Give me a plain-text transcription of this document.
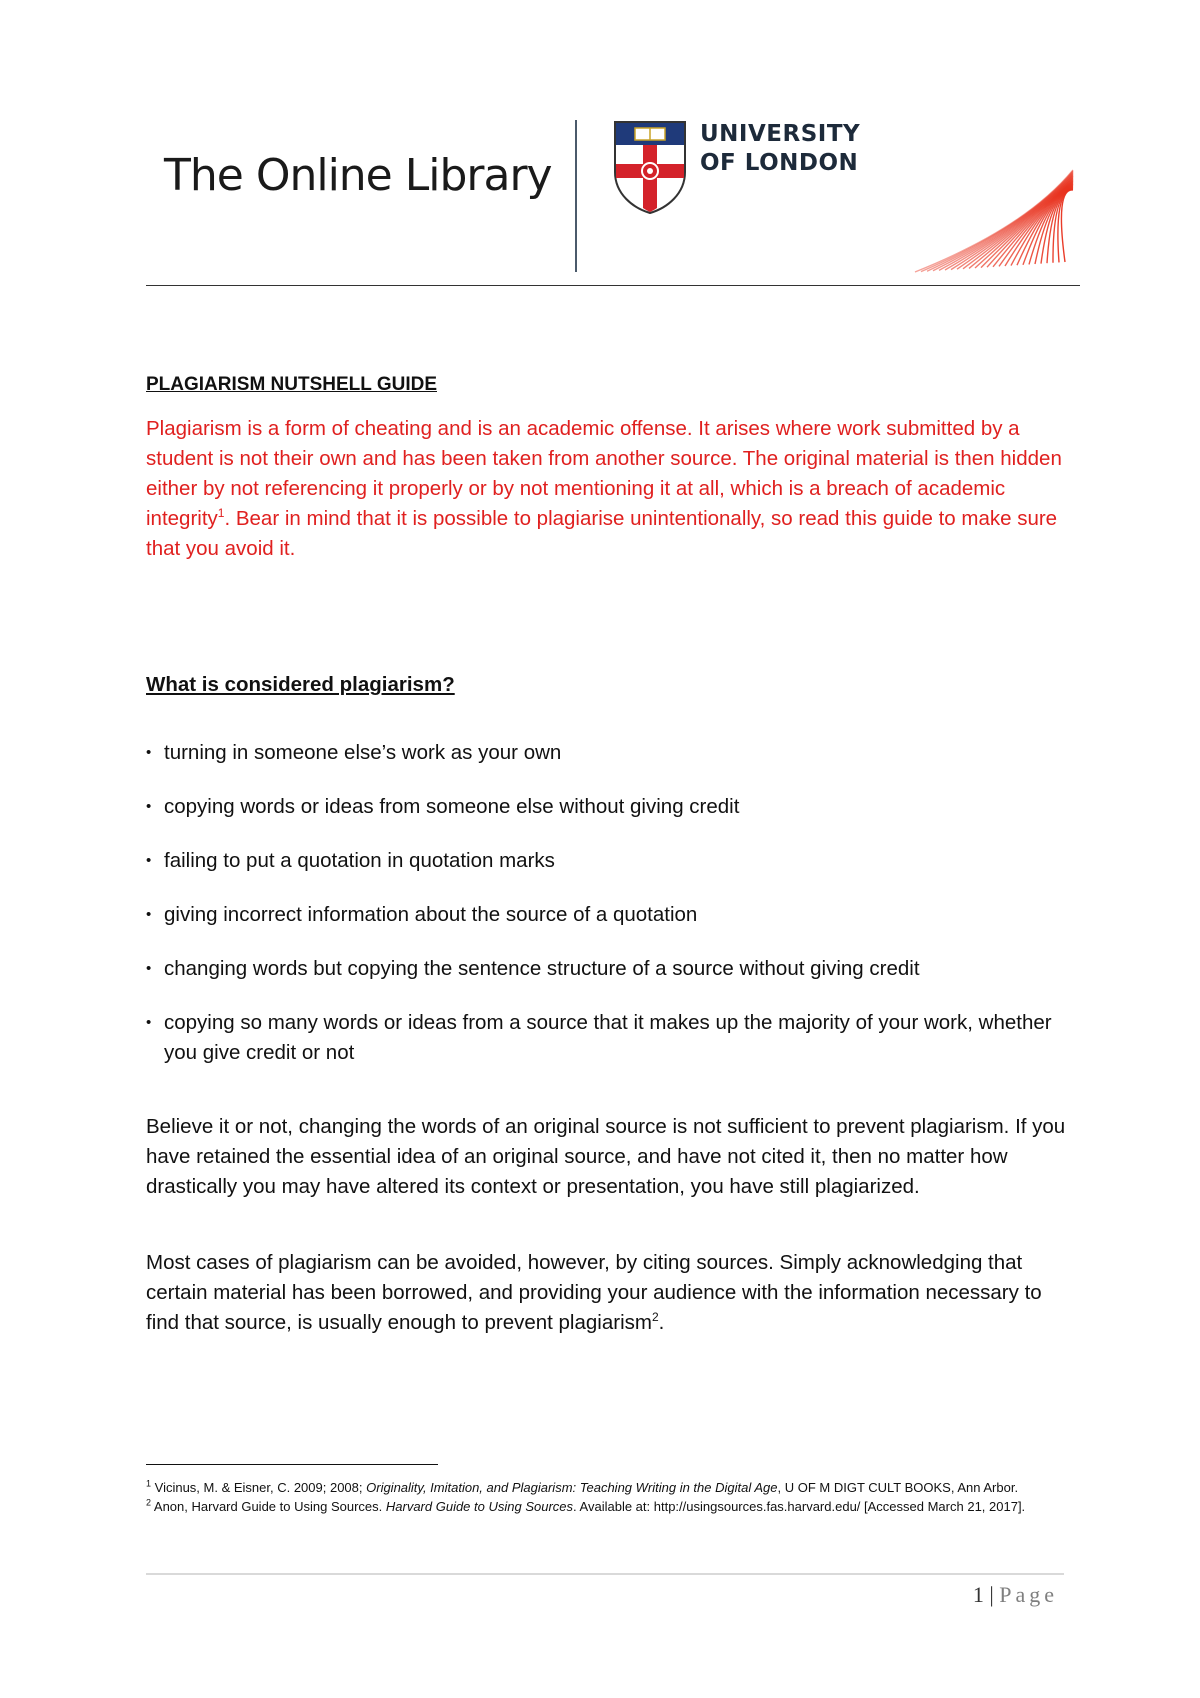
The Online Library
UNIVERSITY
OF LONDON
PLAGIARISM NUTSHELL GUIDE
Plagiarism is a form of cheating and is an academic offense. It arises where work submitted by a student is not their own and has been taken from another source. The original material is then hidden either by not referencing it properly or by not mentioning it at all, which is a breach of academic integrity$^1$. Bear in mind that it is possible to plagiarise unintentionally, so read this guide to make sure that you avoid it.
What is considered plagiarism?
• turning in someone else’s work as your own
• copying words or ideas from someone else without giving credit
• failing to put a quotation in quotation marks
• giving incorrect information about the source of a quotation
• changing words but copying the sentence structure of a source without giving credit
• copying so many words or ideas from a source that it makes up the majority of your work, whether you give credit or not
Believe it or not, changing the words of an original source is not sufficient to prevent plagiarism. If you have retained the essential idea of an original source, and have not cited it, then no matter how drastically you may have altered its context or presentation, you have still plagiarized.
Most cases of plagiarism can be avoided, however, by citing sources. Simply acknowledging that certain material has been borrowed, and providing your audience with the information necessary to find that source, is usually enough to prevent plagiarism$^2$.

$^1$ Vicinus, M. & Eisner, C. 2009; 2008; Originality, Imitation, and Plagiarism: Teaching Writing in the Digital Age, U OF M DIGT CULT BOOKS, Ann Arbor.

$^2$ Anon, Harvard Guide to Using Sources. Harvard Guide to Using Sources. Available at: http://usingsources.fas.harvard.edu/ [Accessed March 21, 2017].

1 | Page
